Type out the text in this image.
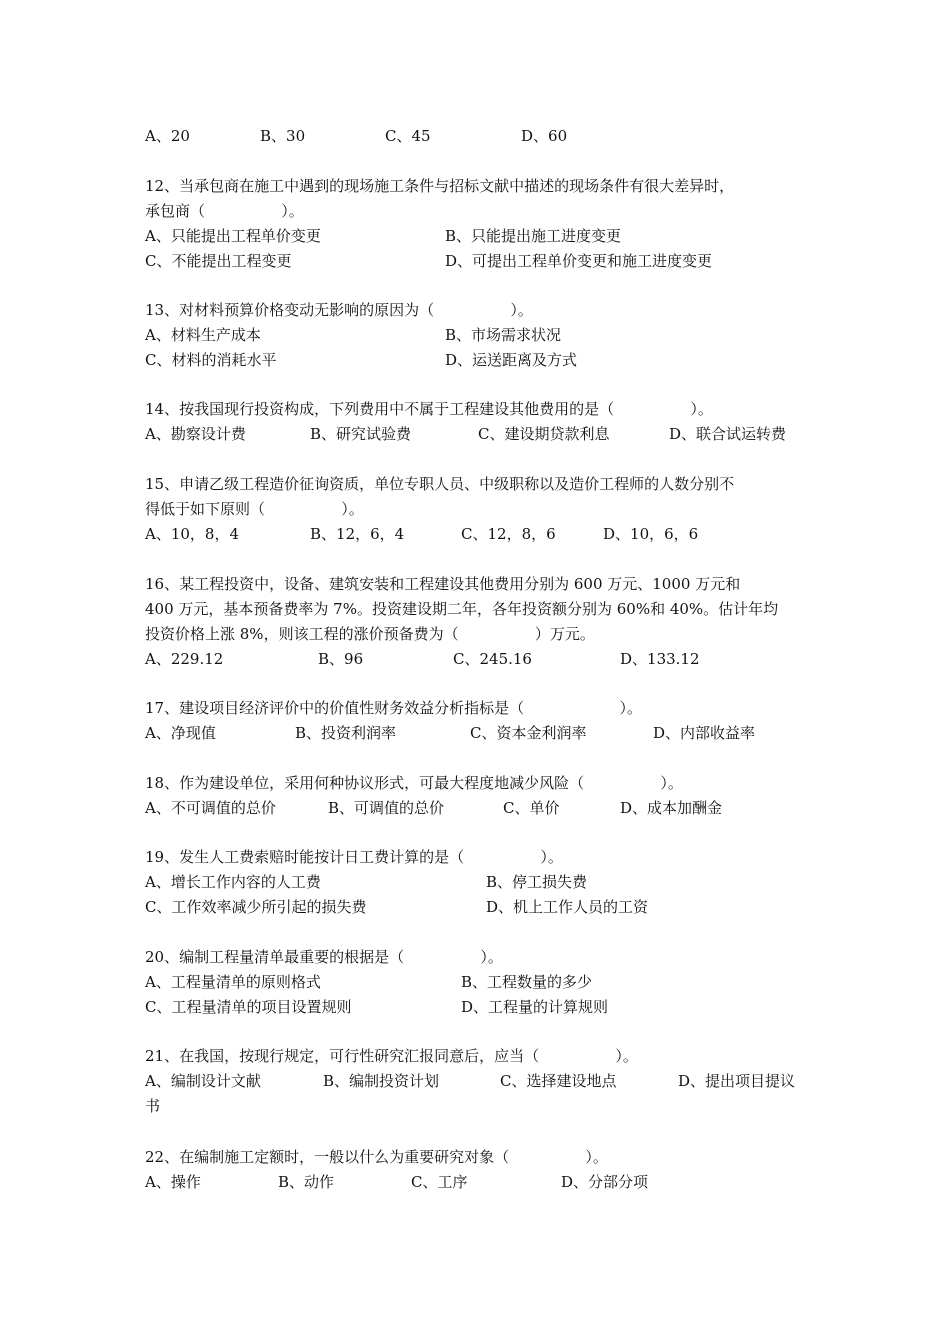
A、20

	B、30

	C、45

	D、60

12、当承包商在施工中遇到的现场施工条件与招标文献中描述的现场条件有很大差异时，
承包商（                ）。

A、只能提出工程单价变更

	B、只能提出施工进度变更

C、不能提出工程变更

	D、可提出工程单价变更和施工进度变更

13、对材料预算价格变动无影响的原因为（                ）。

A、材料生产成本

	B、市场需求状况

C、材料的消耗水平

	D、运送距离及方式

14、按我国现行投资构成，下列费用中不属于工程建设其他费用的是（                ）。

A、勘察设计费

	B、研究试验费

	C、建设期贷款利息

	D、联合试运转费

15、申请乙级工程造价征询资质，单位专职人员、中级职称以及造价工程师的人数分别不
得低于如下原则（                ）。

A、10，8，4

	B、12，6，4

	C、12，8，6

	D、10，6，6

16、某工程投资中，设备、建筑安装和工程建设其他费用分别为 600 万元、1000 万元和
400 万元，基本预备费率为 7%。投资建设期二年，各年投资额分别为 60%和 40%。估计年均
投资价格上涨 8%，则该工程的涨价预备费为（                ）万元。

A、229.12

	B、96

	C、245.16

	D、133.12

17、建设项目经济评价中的价值性财务效益分析指标是（                    ）。

A、净现值

	B、投资利润率

	C、资本金利润率

	D、内部收益率

18、作为建设单位，采用何种协议形式，可最大程度地减少风险（                ）。

A、不可调值的总价

	B、可调值的总价

	C、单价

	D、成本加酬金

19、发生人工费索赔时能按计日工费计算的是（                ）。

A、增长工作内容的人工费

	B、停工损失费

C、工作效率减少所引起的损失费

	D、机上工作人员的工资

20、编制工程量清单最重要的根据是（                ）。

A、工程量清单的原则格式

	B、工程数量的多少

C、工程量清单的项目设置规则

	D、工程量的计算规则

21、在我国，按现行规定，可行性研究汇报同意后，应当（                ）。

A、编制设计文献

	B、编制投资计划

	C、选择建设地点

	D、提出项目提议

书
22、在编制施工定额时，一般以什么为重要研究对象（                ）。

A、操作

	B、动作

	C、工序

	D、分部分项
